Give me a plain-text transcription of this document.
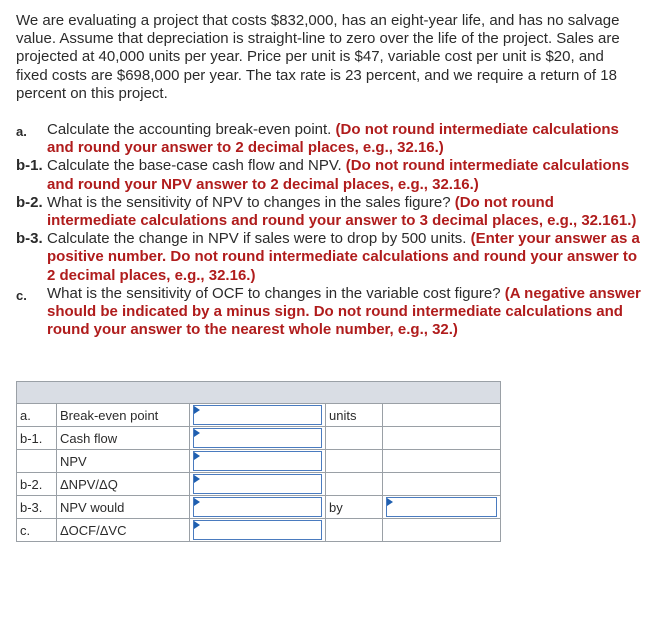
We are evaluating a project that costs $832,000, has an eight-year life, and has no salvage value. Assume that depreciation is straight-line to zero over the life of the project. Sales are projected at 40,000 units per year. Price per unit is $47, variable cost per unit is $20, and fixed costs are $698,000 per year. The tax rate is 23 percent, and we require a return of 18 percent on this project.

a.	Calculate the accounting break-even point. (Do not round intermediate calculations and round your answer to 2 decimal places, e.g., 32.16.)
b-1. Calculate the base-case cash flow and NPV. (Do not round intermediate calculations and round your NPV answer to 2 decimal places, e.g., 32.16.)
b-2. What is the sensitivity of NPV to changes in the sales figure? (Do not round intermediate calculations and round your answer to 3 decimal places, e.g., 32.161.)
b-3. Calculate the change in NPV if sales were to drop by 500 units. (Enter your answer as a positive number. Do not round intermediate calculations and round your answer to 2 decimal places, e.g., 32.16.)
c.	What is the sensitivity of OCF to changes in the variable cost figure? (A negative answer should be indicated by a minus sign. Do not round intermediate calculations and round your answer to the nearest whole number, e.g., 32.)

a.	Break-even point		units	
b-1.	Cash flow	

	NPV	

b-2.	ΔNPV/ΔQ	

b-3.	NPV would		by	

c.	ΔOCF/ΔVC	
